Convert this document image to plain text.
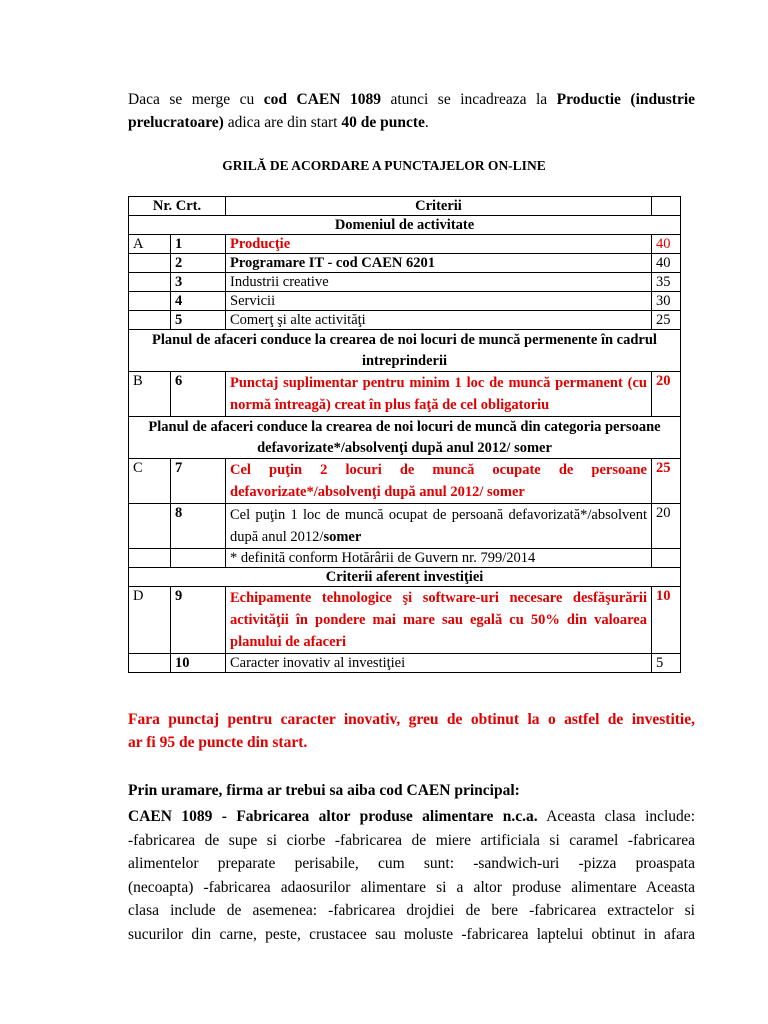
Daca se merge cu cod CAEN 1089 atunci se incadreaza la Productie (industrie
prelucratoare) adica are din start 40 de puncte.
GRILĂ DE ACORDARE A PUNCTAJELOR ON-LINE
Nr. Crt.		Criterii	
Domeniul de activitate			
A	1	Producţie	40
	2	Programare IT - cod CAEN 6201	40
	3	Industrii creative	35
	4	Servicii	30
	5	Comerţ şi alte activităţi	25
Planul de afaceri conduce la crearea de noi locuri de muncă permenente în cadrul intreprinderii			
B	6	Punctaj suplimentar pentru minim 1 loc de muncă permanent (cu normă întreagă) creat în plus faţă de cel obligatoriu	20
Planul de afaceri conduce la crearea de noi locuri de muncă din categoria persoane defavorizate*/absolvenţi după anul 2012/ somer			
C	7	Cel puţin 2 locuri de muncă ocupate de persoane defavorizate*/absolvenţi după anul 2012/ somer	25
	8	Cel puţin 1 loc de muncă ocupat de persoană defavorizată*/absolvent după anul 2012/somer	20
		* definită conform Hotărârii de Guvern nr. 799/2014	
Criterii aferent investiţiei			
D	9	Echipamente tehnologice şi software-uri necesare desfăşurării activităţii în pondere mai mare sau egală cu 50% din valoarea planului de afaceri	10
	10	Caracter inovativ al investiţiei	5
Fara punctaj pentru caracter inovativ, greu de obtinut la o astfel de investitie,
ar fi 95 de puncte din start.
Prin uramare, firma ar trebui sa aiba cod CAEN principal:
CAEN 1089 - Fabricarea altor produse alimentare n.c.a. Aceasta clasa include:
-fabricarea de supe si ciorbe -fabricarea de miere artificiala si caramel -fabricarea
alimentelor preparate perisabile, cum sunt: -sandwich-uri -pizza proaspata
(necoapta) -fabricarea adaosurilor alimentare si a altor produse alimentare Aceasta
clasa include de asemenea: -fabricarea drojdiei de bere -fabricarea extractelor si
sucurilor din carne, peste, crustacee sau moluste -fabricarea laptelui obtinut in afara
